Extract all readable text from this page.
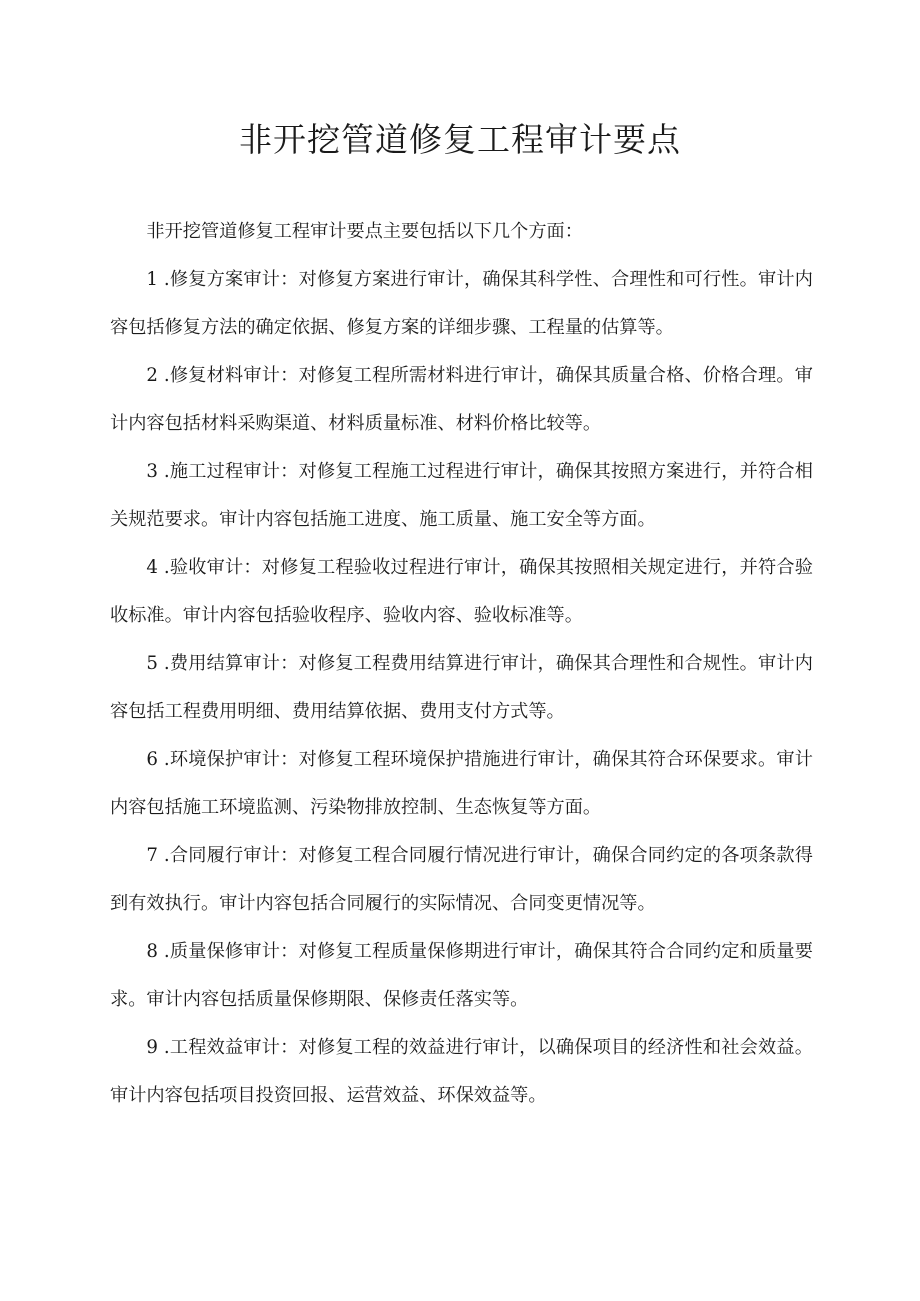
非开挖管道修复工程审计要点

非开挖管道修复工程审计要点主要包括以下几个方面：

1 .修复方案审计：对修复方案进行审计，确保其科学性、合理性和可行性。审计内容包括修复方法的确定依据、修复方案的详细步骤、工程量的估算等。

2 .修复材料审计：对修复工程所需材料进行审计，确保其质量合格、价格合理。审计内容包括材料采购渠道、材料质量标准、材料价格比较等。

3 .施工过程审计：对修复工程施工过程进行审计，确保其按照方案进行，并符合相关规范要求。审计内容包括施工进度、施工质量、施工安全等方面。

4 .验收审计：对修复工程验收过程进行审计，确保其按照相关规定进行，并符合验收标准。审计内容包括验收程序、验收内容、验收标准等。

5 .费用结算审计：对修复工程费用结算进行审计，确保其合理性和合规性。审计内容包括工程费用明细、费用结算依据、费用支付方式等。

6 .环境保护审计：对修复工程环境保护措施进行审计，确保其符合环保要求。审计内容包括施工环境监测、污染物排放控制、生态恢复等方面。

7 .合同履行审计：对修复工程合同履行情况进行审计，确保合同约定的各项条款得到有效执行。审计内容包括合同履行的实际情况、合同变更情况等。

8 .质量保修审计：对修复工程质量保修期进行审计，确保其符合合同约定和质量要求。审计内容包括质量保修期限、保修责任落实等。

9 .工程效益审计：对修复工程的效益进行审计，以确保项目的经济性和社会效益。审计内容包括项目投资回报、运营效益、环保效益等。
